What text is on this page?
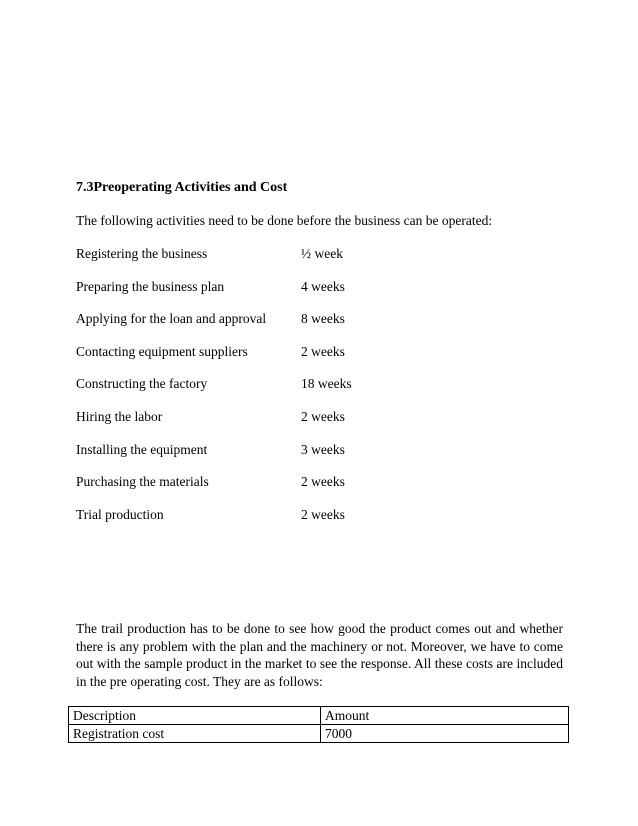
7.3Preoperating Activities and Cost
The following activities need to be done before the business can be operated:
Registering the business	½ week
Preparing the business plan	4 weeks
Applying for the loan and approval	8 weeks
Contacting equipment suppliers	2 weeks
Constructing the factory	18 weeks
Hiring the labor	2 weeks
Installing the equipment	3 weeks
Purchasing the materials	2 weeks
Trial production	2 weeks
The trail production has to be done to see how good the product comes out and whether there is any problem with the plan and the machinery or not. Moreover, we have to come out with the sample product in the market to see the response. All these costs are included in the pre operating cost. They are as follows:
Description	Amount
Registration cost	7000
